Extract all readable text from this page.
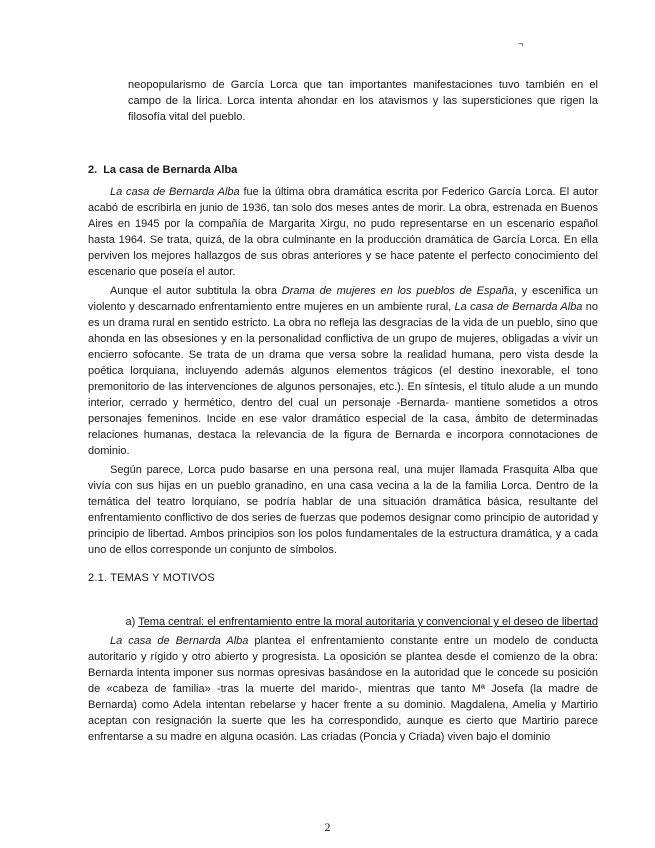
¬

neopopularismo de García Lorca que tan importantes manifestaciones tuvo también en el campo de la lírica. Lorca intenta ahondar en los atavismos y las supersticiones que rigen la filosofía vital del pueblo.

2. La casa de Bernarda Alba

La casa de Bernarda Alba fue la última obra dramática escrita por Federico García Lorca. El autor acabó de escribirla en junio de 1936, tan solo dos meses antes de morir. La obra, estrenada en Buenos Aires en 1945 por la compañía de Margarita Xirgu, no pudo representarse en un escenario español hasta 1964. Se trata, quizá, de la obra culminante en la producción dramática de García Lorca. En ella perviven los mejores hallazgos de sus obras anteriores y se hace patente el perfecto conocimiento del escenario que poseía el autor.

Aunque el autor subtitula la obra Drama de mujeres en los pueblos de España, y escenifica un violento y descarnado enfrentamiento entre mujeres en un ambiente rural, La casa de Bernarda Alba no es un drama rural en sentido estricto. La obra no refleja las desgracias de la vida de un pueblo, sino que ahonda en las obsesiones y en la personalidad conflictiva de un grupo de mujeres, obligadas a vivir un encierro sofocante. Se trata de un drama que versa sobre la realidad humana, pero vista desde la poética lorquiana, incluyendo además algunos elementos trágicos (el destino inexorable, el tono premonitorio de las intervenciones de algunos personajes, etc.). En síntesis, el título alude a un mundo interior, cerrado y hermético, dentro del cual un personaje -Bernarda- mantiene sometidos a otros personajes femeninos. Incide en ese valor dramático especial de la casa, ámbito de determinadas relaciones humanas, destaca la relevancia de la figura de Bernarda e incorpora connotaciones de dominio.

Según parece, Lorca pudo basarse en una persona real, una mujer llamada Frasquita Alba que vivía con sus hijas en un pueblo granadino, en una casa vecina a la de la familia Lorca. Dentro de la temática del teatro lorquiano, se podría hablar de una situación dramática básica, resultante del enfrentamiento conflictivo de dos series de fuerzas que podemos designar como principio de autoridad y principio de libertad. Ambos principios son los polos fundamentales de la estructura dramática, y a cada uno de ellos corresponde un conjunto de símbolos.

2.1. TEMAS Y MOTIVOS
a) Tema central: el enfrentamiento entre la moral autoritaria y convencional y el deseo de libertad

La casa de Bernarda Alba plantea el enfrentamiento constante entre un modelo de conducta autoritario y rígido y otro abierto y progresista. La oposición se plantea desde el comienzo de la obra: Bernarda intenta imponer sus normas opresivas basándose en la autoridad que le concede su posición de «cabeza de familia» -tras la muerte del marido-, mientras que tanto Mª Josefa (la madre de Bernarda) como Adela intentan rebelarse y hacer frente a su dominio. Magdalena, Amelia y Martirio aceptan con resignación la suerte que les ha correspondido, aunque es cierto que Martirio parece enfrentarse a su madre en alguna ocasión. Las criadas (Poncia y Criada) viven bajo el dominio

2
